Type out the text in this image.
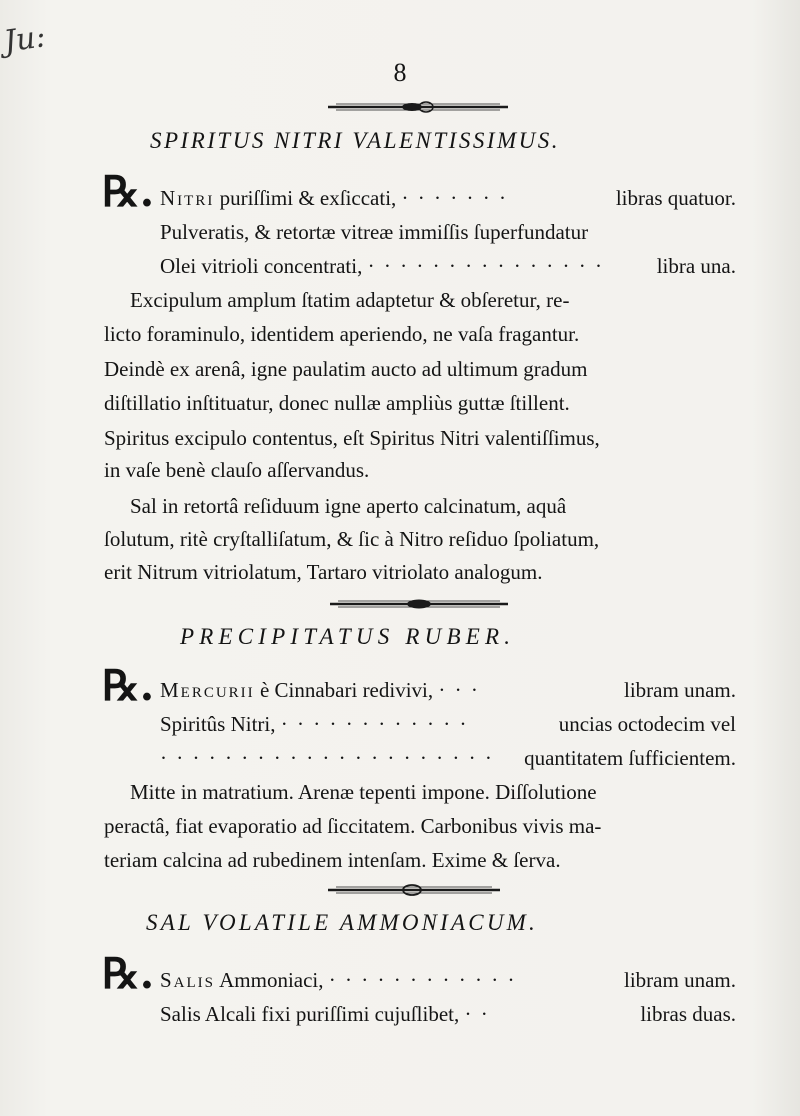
Ju:
8
SPIRITUS NITRI VALENTISSIMUS.
℞. Nitri puriſſimi & exſiccati, · · · · · · ·	libras quatuor.
Pulveratis, & retortæ vitreæ immiſſis ſuperfundatur
Olei vitrioli concentrati, · · · · · · · · · · · · · · ·	libra una.
Excipulum amplum ſtatim adaptetur & obſeretur, re-
licto foraminulo, identidem aperiendo, ne vaſa fragantur.
Deindè ex arenâ, igne paulatim aucto ad ultimum gradum
diſtillatio inſtituatur, donec nullæ ampliùs guttæ ſtillent.
Spiritus excipulo contentus, eſt Spiritus Nitri valentiſſimus,
in vaſe benè clauſo aſſervandus.
Sal in retortâ reſiduum igne aperto calcinatum, aquâ
ſolutum, ritè cryſtalliſatum, & ſic à Nitro reſiduo ſpoliatum,
erit Nitrum vitriolatum, Tartaro vitriolato analogum.
PRECIPITATUS RUBER.
℞. Mercurii è Cinnabari redivivi, · · ·	libram unam.
Spiritûs Nitri, · · · · · · · · · · · ·	uncias octodecim vel
· · · · · · · · · · · · · · · · · · · · · quantitatem ſufficientem.
Mitte in matratium. Arenæ tepenti impone. Diſſolutione
peractâ, fiat evaporatio ad ſiccitatem. Carbonibus vivis ma-
teriam calcina ad rubedinem intenſam. Exime & ſerva.
SAL VOLATILE AMMONIACUM.
℞. Salis Ammoniaci, · · · · · · · · · · · ·	libram unam.
Salis Alcali fixi puriſſimi cujuſlibet, · ·	libras duas.
